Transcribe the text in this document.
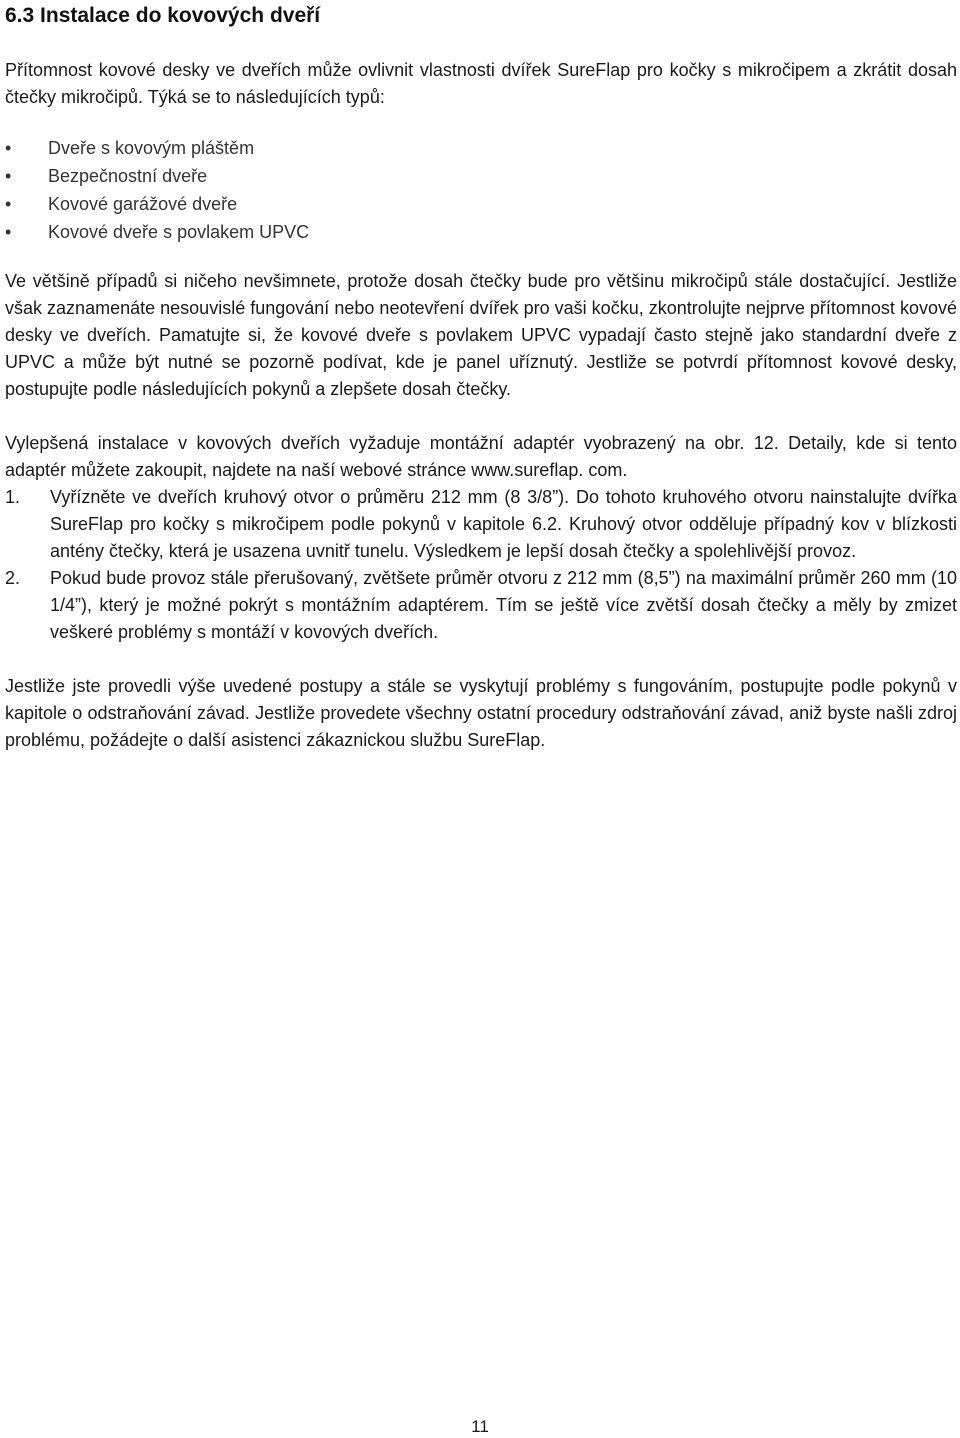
6.3 Instalace do kovových dveří

Přítomnost kovové desky ve dveřích může ovlivnit vlastnosti dvířek SureFlap pro kočky s mikročipem a zkrátit dosah čtečky mikročipů. Týká se to následujících typů:

• Dveře s kovovým pláštěm
• Bezpečnostní dveře
• Kovové garážové dveře
• Kovové dveře s povlakem UPVC

Ve většině případů si ničeho nevšimnete, protože dosah čtečky bude pro většinu mikročipů stále dostačující. Jestliže však zaznamenáte nesouvislé fungování nebo neotevření dvířek pro vaši kočku, zkontrolujte nejprve přítomnost kovové desky ve dveřích. Pamatujte si, že kovové dveře s povlakem UPVC vypadají často stejně jako standardní dveře z UPVC a může být nutné se pozorně podívat, kde je panel uříznutý. Jestliže se potvrdí přítomnost kovové desky, postupujte podle následujících pokynů a zlepšete dosah čtečky.

Vylepšená instalace v kovových dveřích vyžaduje montážní adaptér vyobrazený na obr. 12. Detaily, kde si tento adaptér můžete zakoupit, najdete na naší webové stránce www.sureflap. com.

1. Vyřízněte ve dveřích kruhový otvor o průměru 212 mm (8 3/8”). Do tohoto kruhového otvoru nainstalujte dvířka SureFlap pro kočky s mikročipem podle pokynů v kapitole 6.2. Kruhový otvor odděluje případný kov v blízkosti antény čtečky, která je usazena uvnitř tunelu. Výsledkem je lepší dosah čtečky a spolehlivější provoz.
2. Pokud bude provoz stále přerušovaný, zvětšete průměr otvoru z 212 mm (8,5”) na maximální průměr 260 mm (10 1/4”), který je možné pokrýt s montážním adaptérem. Tím se ještě více zvětší dosah čtečky a měly by zmizet veškeré problémy s montáží v kovových dveřích.

Jestliže jste provedli výše uvedené postupy a stále se vyskytují problémy s fungováním, postupujte podle pokynů v kapitole o odstraňování závad. Jestliže provedete všechny ostatní procedury odstraňování závad, aniž byste našli zdroj problému, požádejte o další asistenci zákaznickou službu SureFlap.

11
